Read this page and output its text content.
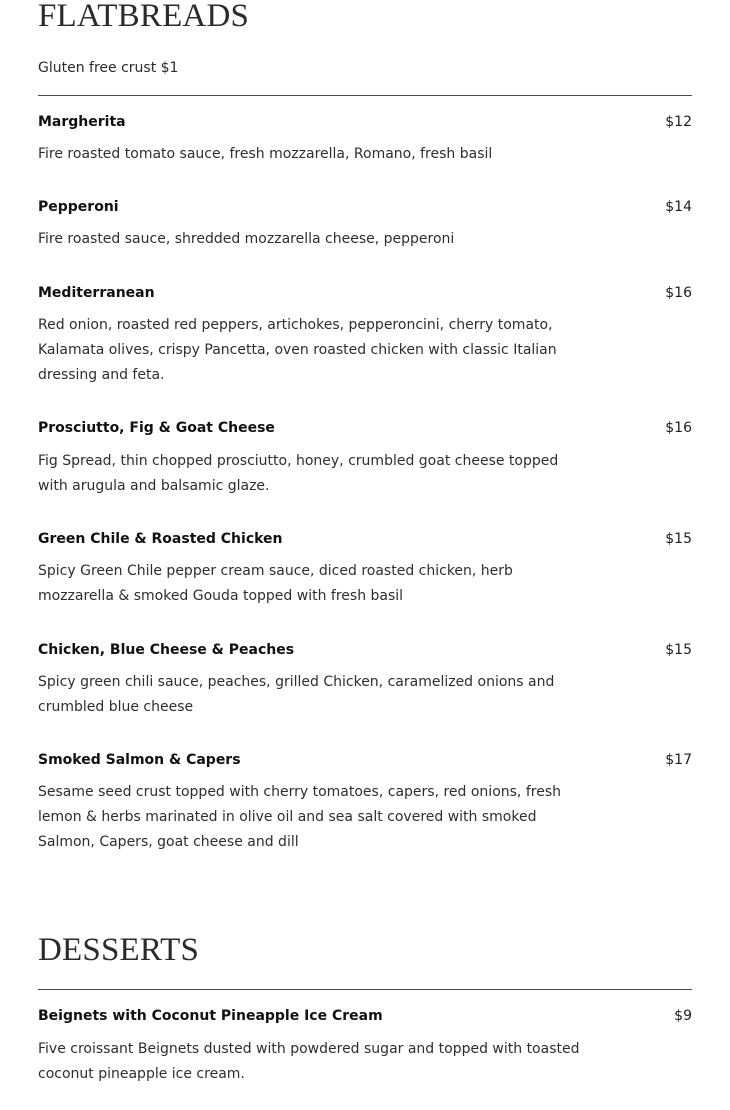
FLATBREADS
Gluten free crust $1
Margherita	$12
Fire roasted tomato sauce, fresh mozzarella, Romano, fresh basil
Pepperoni	$14
Fire roasted sauce, shredded mozzarella cheese, pepperoni
Mediterranean	$16
Red onion, roasted red peppers, artichokes, pepperoncini, cherry tomato,
Kalamata olives, crispy Pancetta, oven roasted chicken with classic Italian
dressing and feta.
Prosciutto, Fig & Goat Cheese	$16
Fig Spread, thin chopped prosciutto, honey, crumbled goat cheese topped
with arugula and balsamic glaze.
Green Chile & Roasted Chicken	$15
Spicy Green Chile pepper cream sauce, diced roasted chicken, herb
mozzarella & smoked Gouda topped with fresh basil
Chicken, Blue Cheese & Peaches	$15
Spicy green chili sauce, peaches, grilled Chicken, caramelized onions and
crumbled blue cheese
Smoked Salmon & Capers	$17
Sesame seed crust topped with cherry tomatoes, capers, red onions, fresh
lemon & herbs marinated in olive oil and sea salt covered with smoked
Salmon, Capers, goat cheese and dill
DESSERTS
Beignets with Coconut Pineapple Ice Cream	$9
Five croissant Beignets dusted with powdered sugar and topped with toasted
coconut pineapple ice cream.
